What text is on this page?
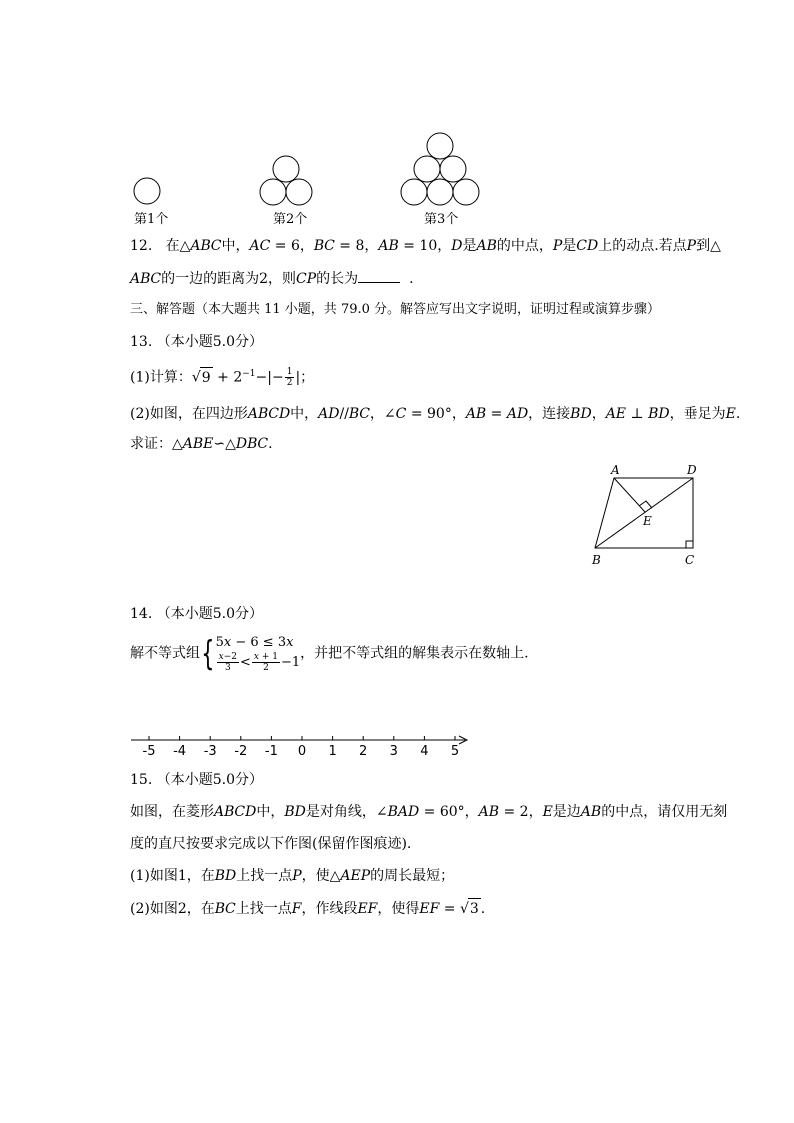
第1个	第2个	第3个
12. 在△𝐴𝐵𝐶中，𝐴𝐶 = 6，𝐵𝐶 = 8，𝐴𝐵 = 10，𝐷是𝐴𝐵的中点，𝑃是𝐶𝐷上的动点.若点𝑃到△
𝐴𝐵𝐶的一边的距离为2，则𝐶𝑃的长为	.
三、解答题（本大题共 11 小题，共 79.0 分。解答应写出文字说明，证明过程或演算步骤）
13. （本小题5.0分）
(1)计算：$√9 + 2^{-1}-|- \frac{1}{2}$ |；
(2)如图，在四边形𝐴𝐵𝐶𝐷中，𝐴𝐷//𝐵𝐶，∠𝐶 = 90°，𝐴𝐵 = 𝐴𝐷，连接𝐵𝐷，𝐴𝐸 ⊥ 𝐵𝐷，垂足为𝐸.
求证：△𝐴𝐵𝐸∽△𝐷𝐵𝐶.
A	D
E
B	C
14. （本小题5.0分）
解不等式组{ 5𝑥 − 6 ≤ 3𝑥
$\frac{\text{𝑥−2}}{3} < \frac{\text{𝑥 + 1}}{2} -1$
，并把不等式组的解集表示在数轴上.
-5	-4	-3	-2	-1	0	1	2	3	4	5
15. （本小题5.0分）
如图，在菱形𝐴𝐵𝐶𝐷中，𝐵𝐷是对角线，∠𝐵𝐴𝐷 = 60°，𝐴𝐵 = 2，𝐸是边𝐴𝐵的中点，请仅用无刻
度的直尺按要求完成以下作图(保留作图痕迹).
(1)如图1，在𝐵𝐷上找一点𝑃，使△𝐴𝐸𝑃的周长最短；
(2)如图2，在𝐵𝐶上找一点𝐹，作线段𝐸𝐹，使得𝐸𝐹 = √3 .
